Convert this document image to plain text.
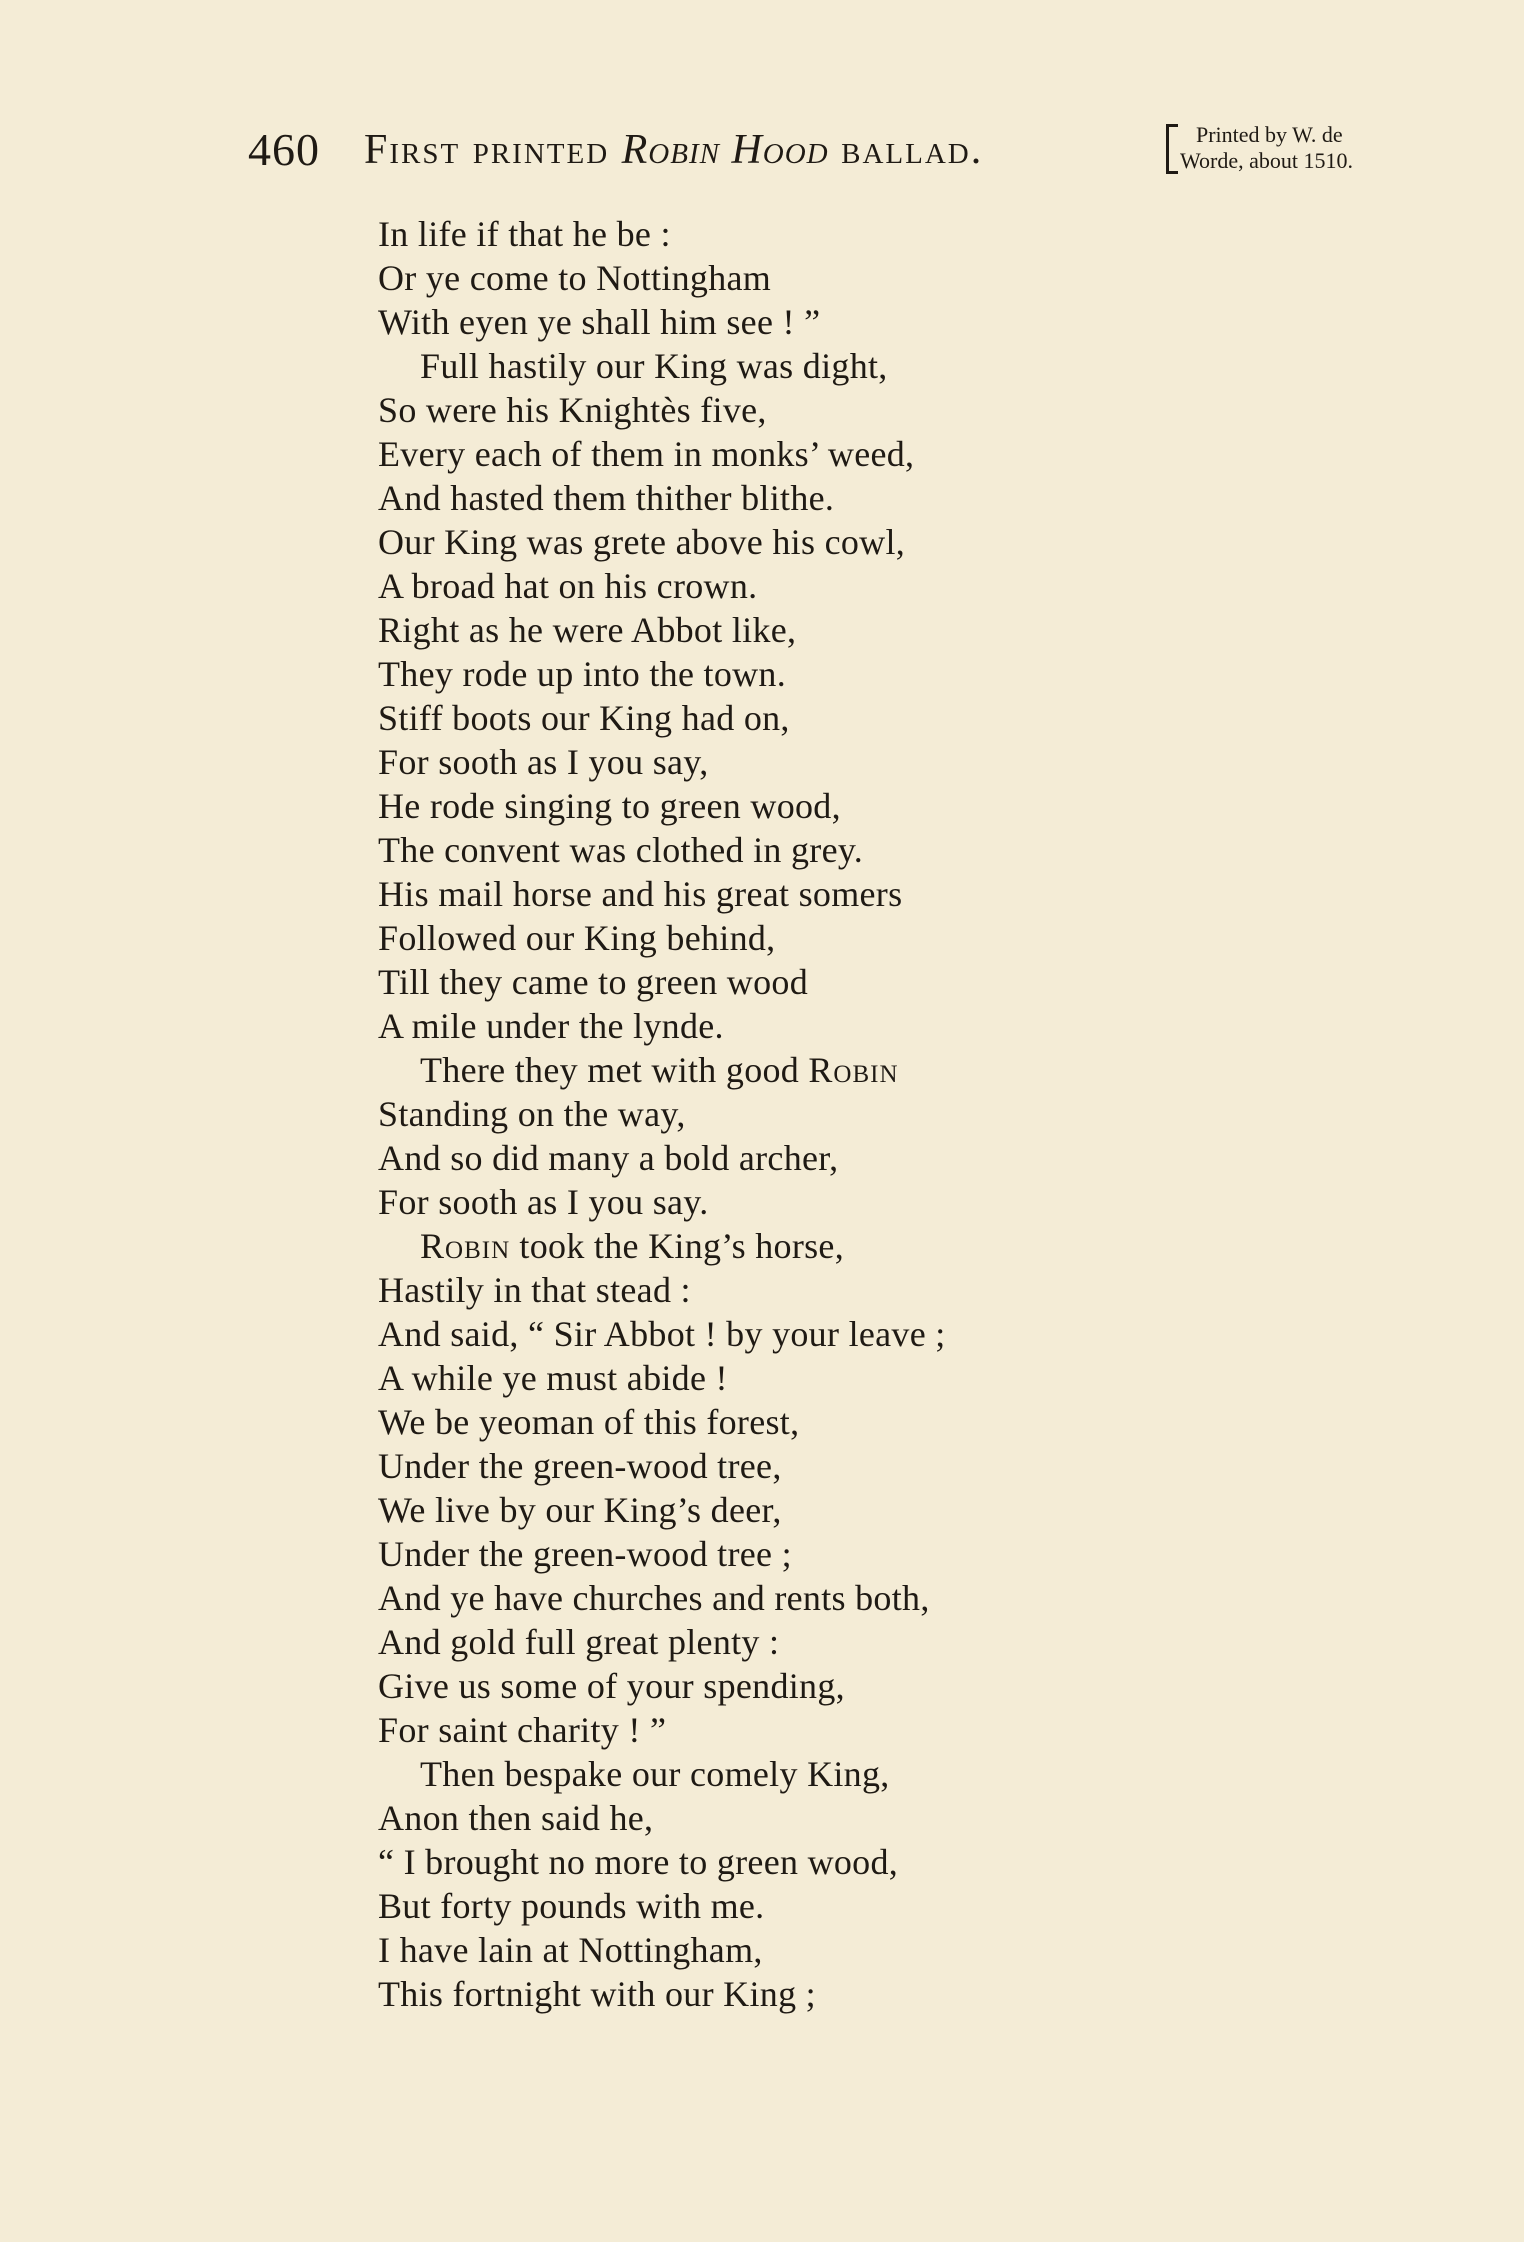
460 First printed Robin Hood ballad.	Printed by W. de
Worde, about 1510.
In life if that he be :
Or ye come to Nottingham
With eyen ye shall him see ! ”
Full hastily our King was dight,
So were his Knightès five,
Every each of them in monks’ weed,
And hasted them thither blithe.
Our King was grete above his cowl,
A broad hat on his crown.
Right as he were Abbot like,
They rode up into the town.
Stiff boots our King had on,
For sooth as I you say,
He rode singing to green wood,
The convent was clothed in grey.
His mail horse and his great somers
Followed our King behind,
Till they came to green wood
A mile under the lynde.
There they met with good Robin
Standing on the way,
And so did many a bold archer,
For sooth as I you say.
Robin took the King’s horse,
Hastily in that stead :
And said, “ Sir Abbot ! by your leave ;
A while ye must abide !
We be yeoman of this forest,
Under the green-wood tree,
We live by our King’s deer,
Under the green-wood tree ;
And ye have churches and rents both,
And gold full great plenty :
Give us some of your spending,
For saint charity ! ”
Then bespake our comely King,
Anon then said he,
“ I brought no more to green wood,
But forty pounds with me.
I have lain at Nottingham,
This fortnight with our King ;
